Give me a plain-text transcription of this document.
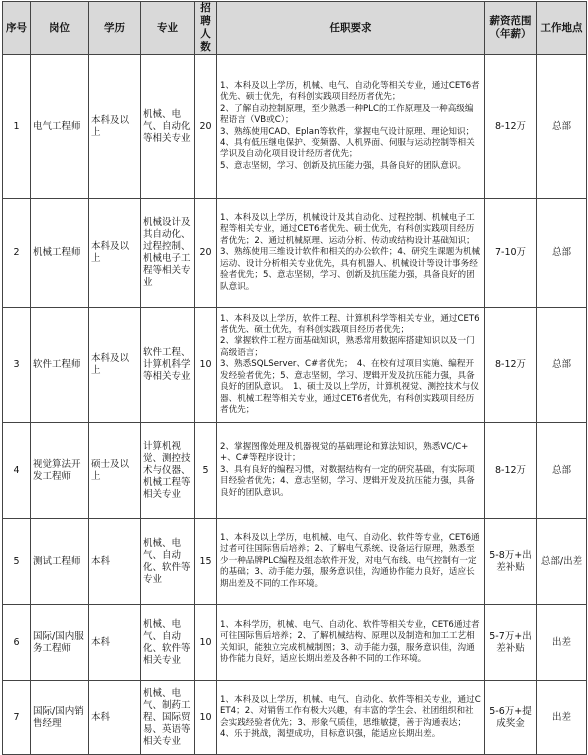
序号	岗位	学历	专业	招聘人数	任职要求	薪资范围（年薪）	工作地点
1	电气工程师	本科及以上	机械、电气、自动化等相关专业	20	1、本科及以上学历，机械、电气、自动化等相关专业，通过CET6者优先、硕士优先，有科创实践项目经历者优先；
2、了解自动控制原理，至少熟悉一种PLC的工作原理及一种高级编程语言（VB或C）；
3、熟练使用CAD、Eplan等软件，掌握电气设计原理、理论知识；
4、具有低压继电保护、变频器、人机界面、伺服与运动控制等相关学识及自动化项目设计经历者优先；
5、意志坚韧，学习、创新及抗压能力强，具备良好的团队意识。	8-12万	总部
2	机械工程师	本科及以上	机械设计及其自动化、过程控制、机械电子工程等相关专业	20	1、本科及以上学历，机械设计及其自动化、过程控制、机械电子工程等相关专业，通过CET6者优先、硕士优先，有科创实践项目经历者优先；2、通过机械原理、运动分析、传动或结构设计基础知识；3、熟练使用三维设计软件和相关的办公软件；4、研究生课题为机械运动、设计分析相关专业优先，具有机器人、机械设计等设计事务经验者优先；5、意志坚韧，学习、创新及抗压能力强，具备良好的团队意识。	7-10万	总部
3	软件工程师	本科及以上	软件工程、计算机科学等相关专业	10	1、本科及以上学历，软件工程、计算机科学等相关专业，通过CET6者优先、硕士优先，有科创实践项目经历者优先；
2、掌握软件工程方面基础知识，熟悉常用数据库搭建知识以及一门高级语言；
3、熟悉SQLServer、C#者优先；　4、在校有过项目实施、编程开发经验者优先；5、意志坚韧，学习、逻辑开发及抗压能力强，具备良好的团队意识。　1、硕士及以上学历，计算机视觉、测控技术与仪器、机械工程等相关专业，通过CET6者优先，有科创实践项目经历者优先；	8-12万	总部
4	视觉算法开发工程师	硕士及以上	计算机视觉、测控技术与仪器、机械工程等相关专业	5	2、掌握图像处理及机器视觉的基础理论和算法知识，熟悉VC/C++、C#等程序设计；
3、具有良好的编程习惯，对数据结构有一定的研究基础，有实际项目经验者优先；4、意志坚韧，学习、逻辑开发及抗压能力强，具备良好的团队意识。	8-12万	总部
5	测试工程师	本科	机械、电气、自动化、软件等专业	15	1、本科及以上学历，电机械、电气、自动化、软件等专业，CET6通过者可往国际售后培养；2、了解电气系统、设备运行原理，熟悉至少一种品牌PLC编程及组态软件开发，对电气布线、电气控制有一定的基础；3、动手能力强，服务意识佳，沟通协作能力良好，适应长期出差及不同的工作环境。	5-8万+出差补贴	总部/出差
6	国际/国内服务工程师	本科	机械、电气、自动化、软件等相关专业	10	1、本科学历，机械、电气、自动化、软件等相关专业，CET6通过者可往国际售后培养；2、了解机械结构、原理以及制造和加工工艺相关知识，能独立完成机械制图；3、动手能力强，服务意识佳，沟通协作能力良好，适应长期出差及各种不同的工作环境。	5-7万+出差补贴	出差
7	国际/国内销售经理	本科	机械、电气、制药工程、国际贸易、英语等相关专业	10	1、本科及以上学历，机械、电气、自动化、软件等相关专业，通过CET4；2、对销售工作有极大兴趣，有丰富的学生会、社团组织和社会实践经验者优先；3、形象气质佳，思维敏捷，善于沟通表达；
4、乐于挑战，渴望成功，目标意识强，能适应长期出差。	5-6万+提成奖金	出差
